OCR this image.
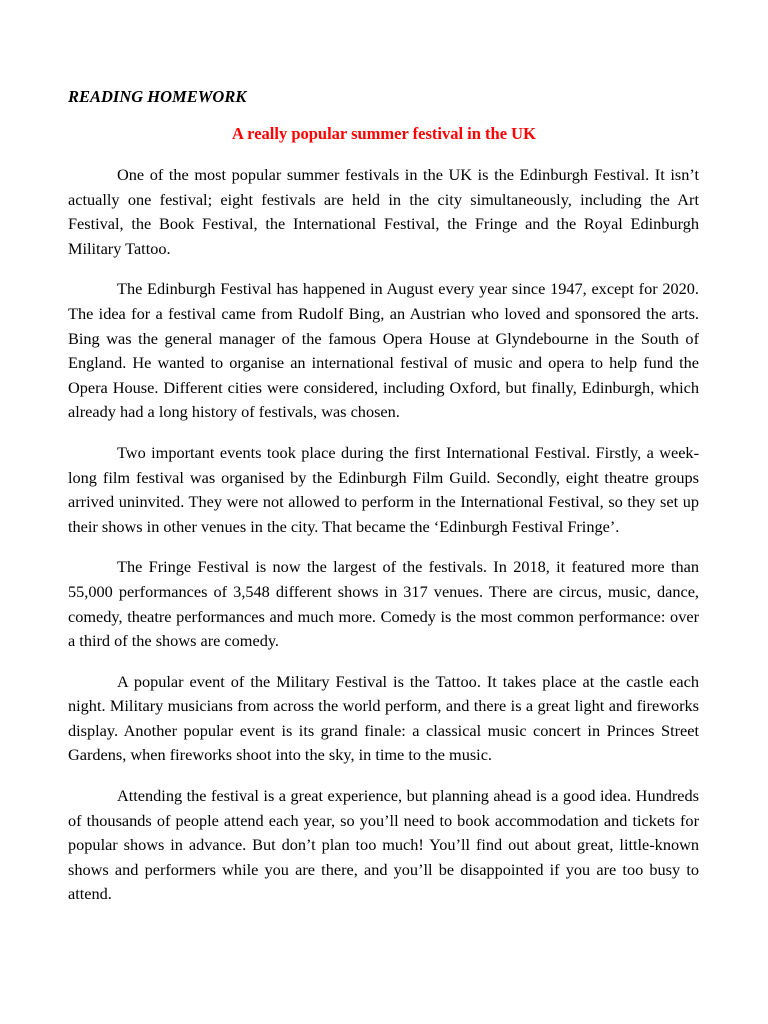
READING HOMEWORK
A really popular summer festival in the UK

One of the most popular summer festivals in the UK is the Edinburgh Festival. It isn’t actually one festival; eight festivals are held in the city simultaneously, including the Art Festival, the Book Festival, the International Festival, the Fringe and the Royal Edinburgh Military Tattoo.

The Edinburgh Festival has happened in August every year since 1947, except for 2020. The idea for a festival came from Rudolf Bing, an Austrian who loved and sponsored the arts. Bing was the general manager of the famous Opera House at Glyndebourne in the South of England. He wanted to organise an international festival of music and opera to help fund the Opera House. Different cities were considered, including Oxford, but finally, Edinburgh, which already had a long history of festivals, was chosen.

Two important events took place during the first International Festival. Firstly, a week-long film festival was organised by the Edinburgh Film Guild. Secondly, eight theatre groups arrived uninvited. They were not allowed to perform in the International Festival, so they set up their shows in other venues in the city. That became the ‘Edinburgh Festival Fringe’.

The Fringe Festival is now the largest of the festivals. In 2018, it featured more than 55,000 performances of 3,548 different shows in 317 venues. There are circus, music, dance, comedy, theatre performances and much more. Comedy is the most common performance: over a third of the shows are comedy.

A popular event of the Military Festival is the Tattoo. It takes place at the castle each night. Military musicians from across the world perform, and there is a great light and fireworks display. Another popular event is its grand finale: a classical music concert in Princes Street Gardens, when fireworks shoot into the sky, in time to the music.

Attending the festival is a great experience, but planning ahead is a good idea. Hundreds of thousands of people attend each year, so you’ll need to book accommodation and tickets for popular shows in advance. But don’t plan too much! You’ll find out about great, little-known shows and performers while you are there, and you’ll be disappointed if you are too busy to attend.
